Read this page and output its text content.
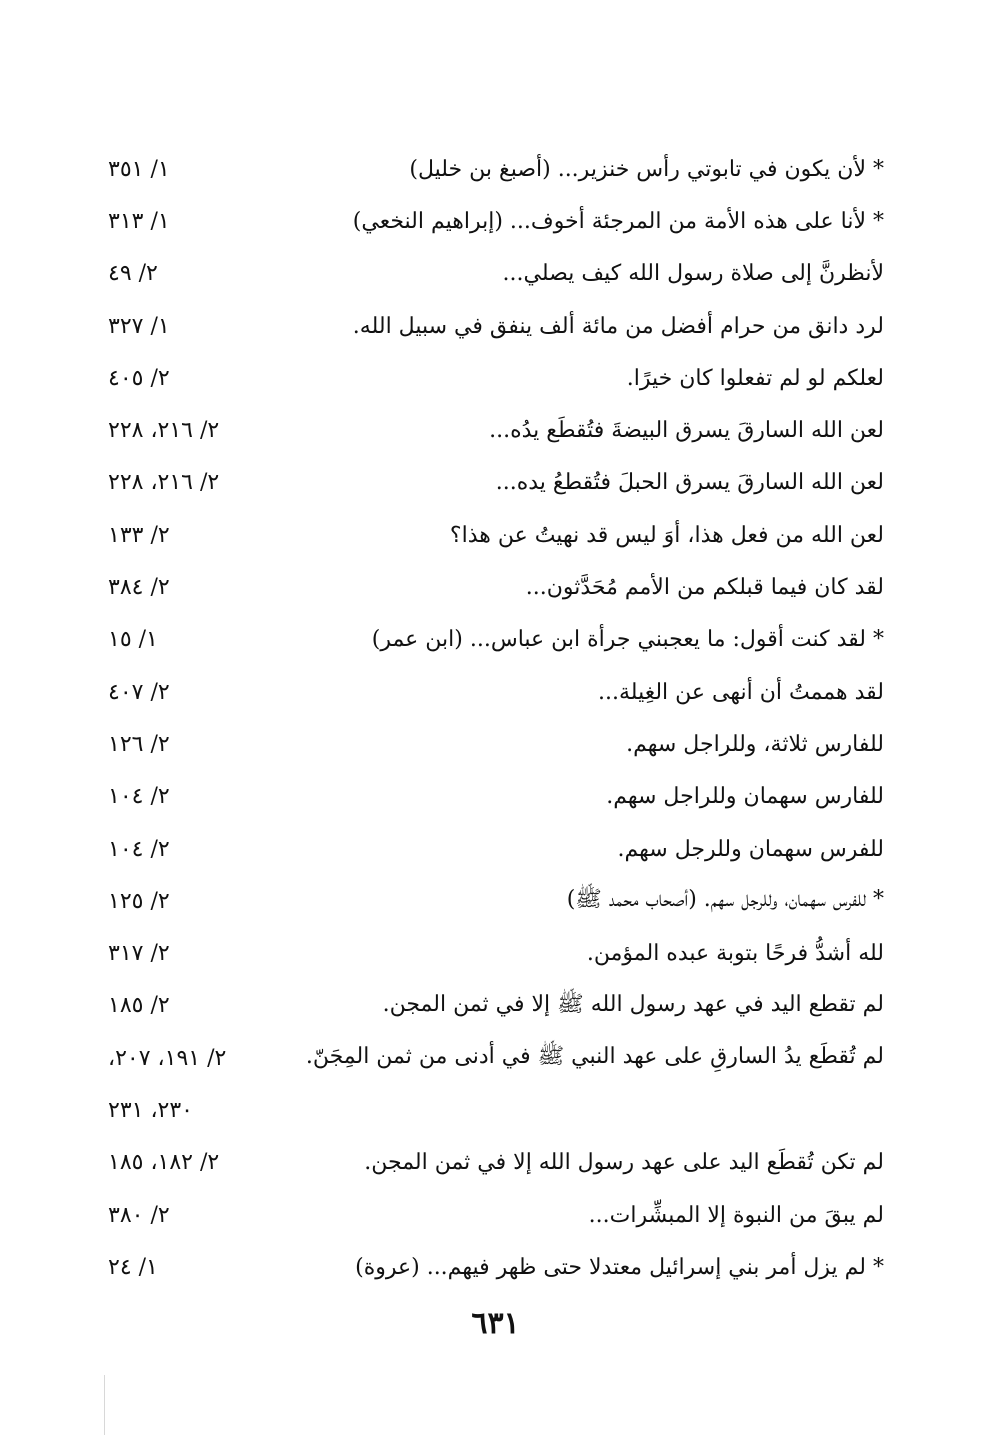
* لأن يكون في تابوتي رأس خنزير... (أصبغ بن خليل)
١/ ٣٥١
* لأنا على هذه الأمة من المرجئة أخوف... (إبراهيم النخعي)
١/ ٣١٣
لأنظرنَّ إلى صلاة رسول الله كيف يصلي...
٢/ ٤٩
لرد دانق من حرام أفضل من مائة ألف ينفق في سبيل الله.
١/ ٣٢٧
لعلكم لو لم تفعلوا كان خيرًا.
٢/ ٤٠٥
لعن الله السارقَ يسرق البيضةَ فتُقطَع يدُه...
٢/ ٢١٦، ٢٢٨
لعن الله السارقَ يسرق الحبلَ فتُقطعُ يده...
٢/ ٢١٦، ٢٢٨
لعن الله من فعل هذا، أوَ ليس قد نهيتُ عن هذا؟
٢/ ١٣٣
لقد كان فيما قبلكم من الأمم مُحَدَّثون...
٢/ ٣٨٤
* لقد كنت أقول: ما يعجبني جرأة ابن عباس... (ابن عمر)
١/ ١٥
لقد هممتُ أن أنهى عن الغِيلة...
٢/ ٤٠٧
للفارس ثلاثة، وللراجل سهم.
٢/ ١٢٦
للفارس سهمان وللراجل سهم.
٢/ ١٠٤
للفرس سهمان وللرجل سهم.
٢/ ١٠٤
* للفرس سهمان، وللرجل سهم. (أصحاب محمد ﷺ)
٢/ ١٢٥
لله أشدُّ فرحًا بتوبة عبده المؤمن.
٢/ ٣١٧
لم تقطع اليد في عهد رسول الله ﷺ إلا في ثمن المجن.
٢/ ١٨٥
لم تُقطَع يدُ السارقِ على عهد النبي ﷺ في أدنى من ثمن المِجَنّ.
٢/ ١٩١، ٢٠٧،
٢٣٠، ٢٣١
لم تكن تُقطَع اليد على عهد رسول الله إلا في ثمن المجن.
٢/ ١٨٢، ١٨٥
لم يبقَ من النبوة إلا المبشِّرات...
٢/ ٣٨٠
* لم يزل أمر بني إسرائيل معتدلا حتى ظهر فيهم... (عروة)
١/ ٢٤
٦٣١
